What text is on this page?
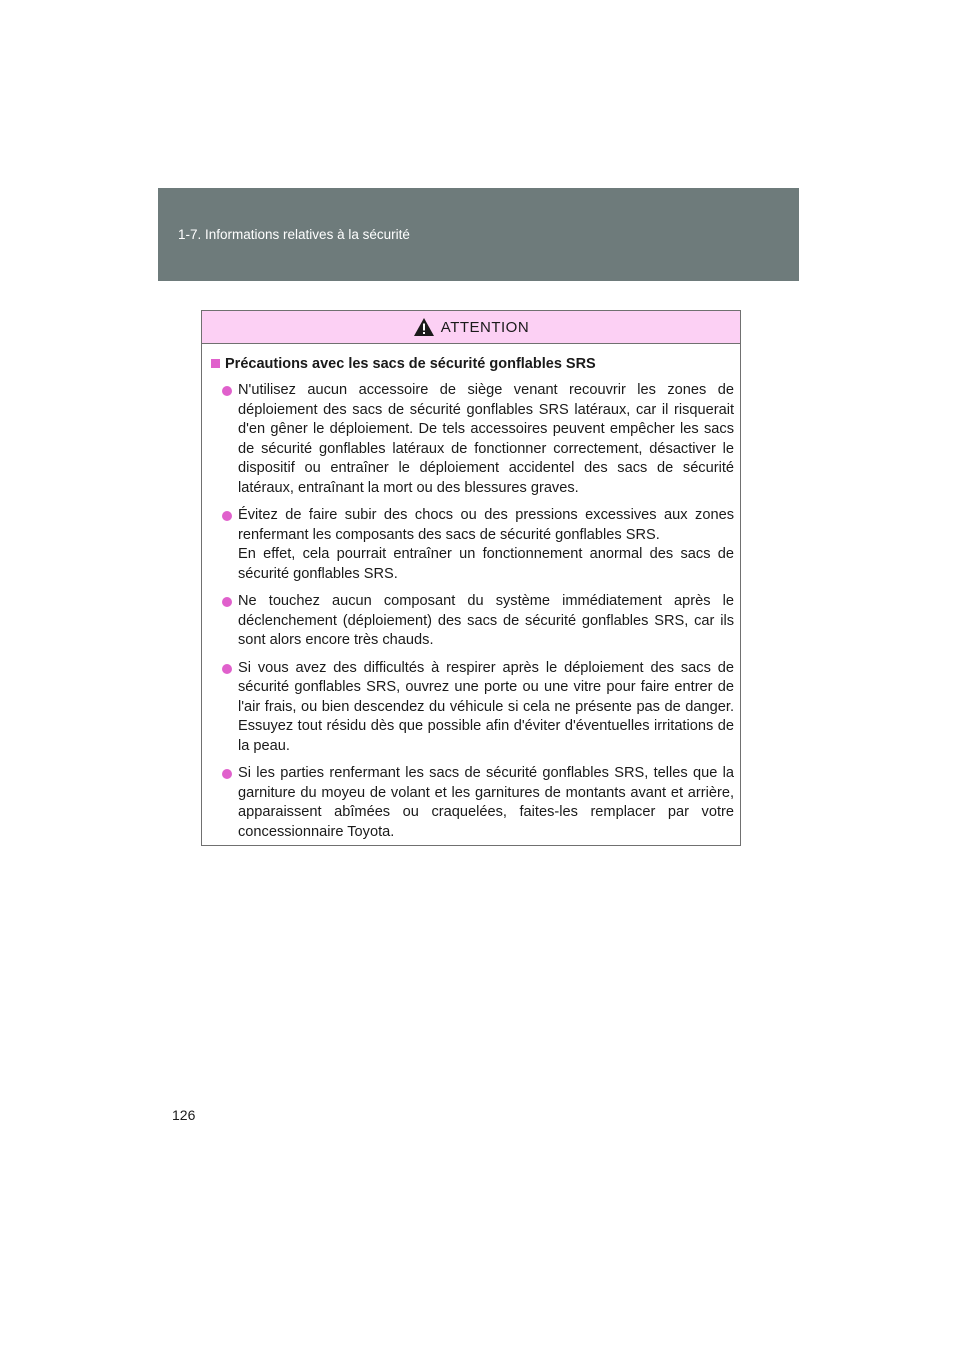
1-7. Informations relatives à la sécurité
ATTENTION
Précautions avec les sacs de sécurité gonflables SRS
N'utilisez aucun accessoire de siège venant recouvrir les zones de déploiement des sacs de sécurité gonflables SRS latéraux, car il risquerait d'en gêner le déploiement. De tels accessoires peuvent empêcher les sacs de sécurité gonflables latéraux de fonctionner correctement, désactiver le dispositif ou entraîner le déploiement accidentel des sacs de sécurité latéraux, entraînant la mort ou des blessures graves.
Évitez de faire subir des chocs ou des pressions excessives aux zones renfermant les composants des sacs de sécurité gonflables SRS.
En effet, cela pourrait entraîner un fonctionnement anormal des sacs de sécurité gonflables SRS.
Ne touchez aucun composant du système immédiatement après le déclenchement (déploiement) des sacs de sécurité gonflables SRS, car ils sont alors encore très chauds.
Si vous avez des difficultés à respirer après le déploiement des sacs de sécurité gonflables SRS, ouvrez une porte ou une vitre pour faire entrer de l'air frais, ou bien descendez du véhicule si cela ne présente pas de danger. Essuyez tout résidu dès que possible afin d'éviter d'éventuelles irritations de la peau.
Si les parties renfermant les sacs de sécurité gonflables SRS, telles que la garniture du moyeu de volant et les garnitures de montants avant et arrière, apparaissent abîmées ou craquelées, faites-les remplacer par votre concessionnaire Toyota.
126
